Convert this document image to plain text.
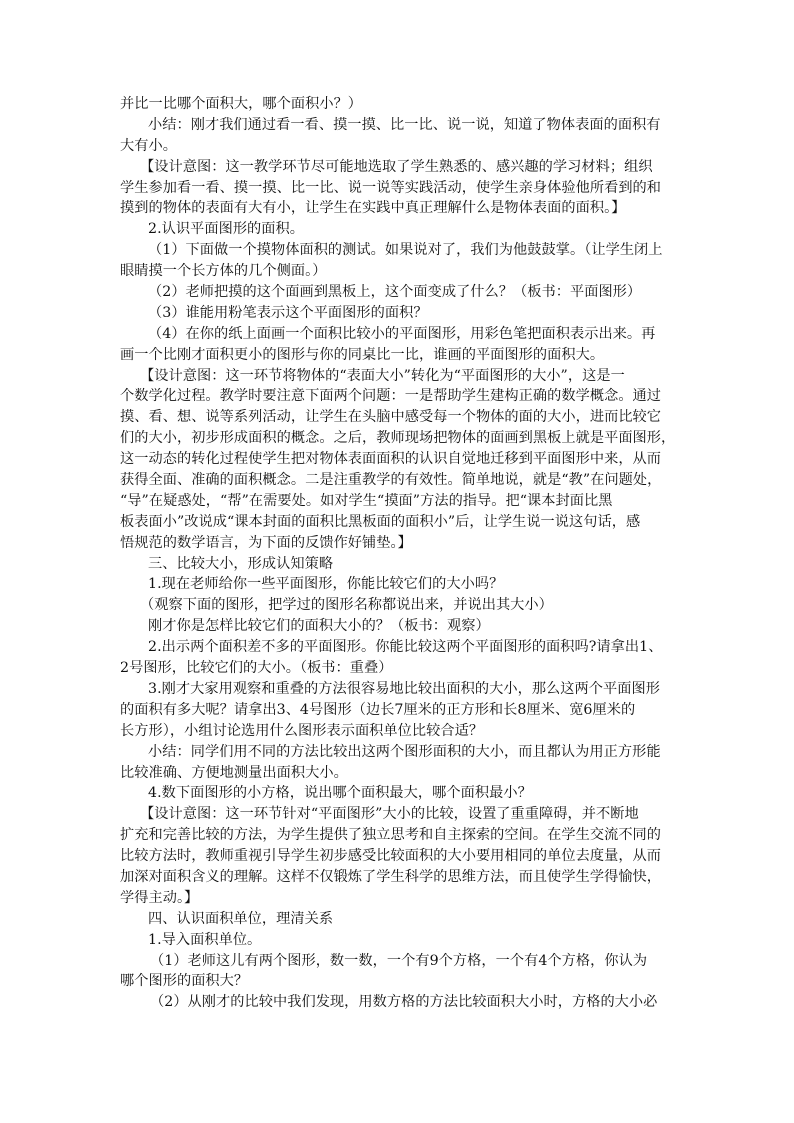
并比一比哪个面积大，哪个面积小？）
小结：刚才我们通过看一看、摸一摸、比一比、说一说，知道了物体表面的面积有
大有小。
【设计意图：这一教学环节尽可能地选取了学生熟悉的、感兴趣的学习材料；组织
学生参加看一看、摸一摸、比一比、说一说等实践活动，使学生亲身体验他所看到的和
摸到的物体的表面有大有小，让学生在实践中真正理解什么是物体表面的面积。】
2.认识平面图形的面积。
（1）下面做一个摸物体面积的测试。如果说对了，我们为他鼓鼓掌。（让学生闭上
眼睛摸一个长方体的几个侧面。）
（2）老师把摸的这个面画到黑板上，这个面变成了什么？（板书：平面图形）
（3）谁能用粉笔表示这个平面图形的面积？
（4）在你的纸上面画一个面积比较小的平面图形，用彩色笔把面积表示出来。再
画一个比刚才面积更小的图形与你的同桌比一比，谁画的平面图形的面积大。
【设计意图：这一环节将物体的“表面大小”转化为“平面图形的大小”，这是一
个数学化过程。教学时要注意下面两个问题：一是帮助学生建构正确的数学概念。通过
摸、看、想、说等系列活动，让学生在头脑中感受每一个物体的面的大小，进而比较它
们的大小，初步形成面积的概念。之后，教师现场把物体的面画到黑板上就是平面图形，
这一动态的转化过程使学生把对物体表面面积的认识自觉地迁移到平面图形中来，从而
获得全面、准确的面积概念。二是注重教学的有效性。简单地说，就是“教”在问题处，
“导”在疑惑处，“帮”在需要处。如对学生“摸面”方法的指导。把“课本封面比黑
板表面小”改说成“课本封面的面积比黑板面的面积小”后，让学生说一说这句话，感
悟规范的数学语言，为下面的反馈作好铺垫。】
三、比较大小，形成认知策略
1.现在老师给你一些平面图形，你能比较它们的大小吗？
（观察下面的图形，把学过的图形名称都说出来，并说出其大小）
刚才你是怎样比较它们的面积大小的？（板书：观察）
2.出示两个面积差不多的平面图形。你能比较这两个平面图形的面积吗?请拿出1、
2号图形，比较它们的大小。（板书：重叠）
3.刚才大家用观察和重叠的方法很容易地比较出面积的大小，那么这两个平面图形
的面积有多大呢？请拿出3、4号图形（边长7厘米的正方形和长8厘米、宽6厘米的
长方形），小组讨论选用什么图形表示面积单位比较合适？
小结：同学们用不同的方法比较出这两个图形面积的大小，而且都认为用正方形能
比较准确、方便地测量出面积大小。
4.数下面图形的小方格，说出哪个面积最大，哪个面积最小？
【设计意图：这一环节针对“平面图形”大小的比较，设置了重重障碍，并不断地
扩充和完善比较的方法，为学生提供了独立思考和自主探索的空间。在学生交流不同的
比较方法时，教师重视引导学生初步感受比较面积的大小要用相同的单位去度量，从而
加深对面积含义的理解。这样不仅锻炼了学生科学的思维方法，而且使学生学得愉快，
学得主动。】
四、认识面积单位，理清关系
1.导入面积单位。
（1）老师这儿有两个图形，数一数，一个有9个方格，一个有4个方格，你认为
哪个图形的面积大？
（2）从刚才的比较中我们发现，用数方格的方法比较面积大小时，方格的大小必
